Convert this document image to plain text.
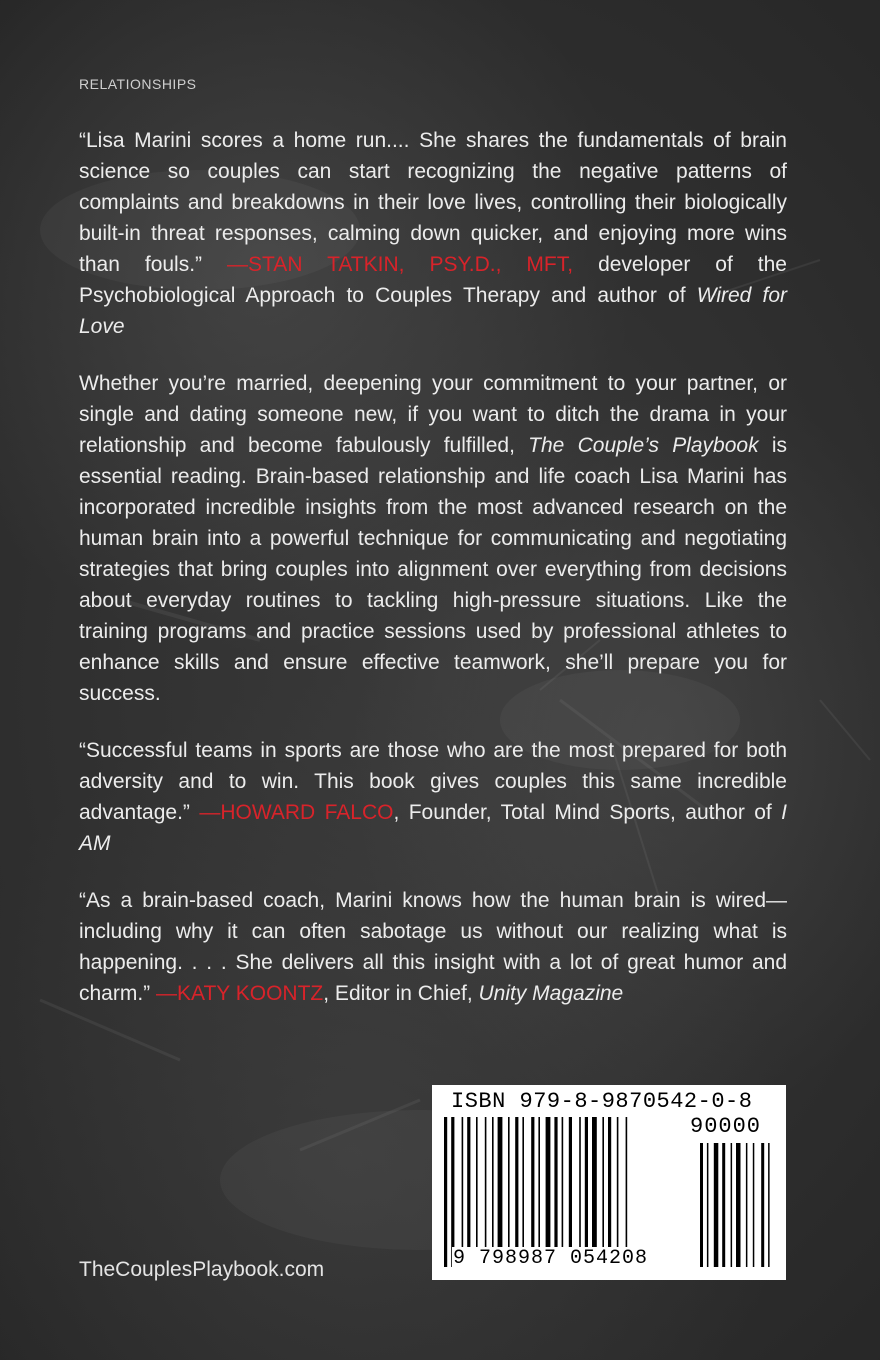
RELATIONSHIPS

“Lisa Marini scores a home run.... She shares the fundamentals of brain science so couples can start recognizing the negative patterns of complaints and breakdowns in their love lives, controlling their biologically built-in threat responses, calming down quicker, and enjoying more wins than fouls.” —STAN TATKIN, PSY.D., MFT, developer of the Psychobiological Approach to Couples Therapy and author of Wired for Love

Whether you’re married, deepening your commitment to your partner, or single and dating someone new, if you want to ditch the drama in your relationship and become fabulously fulfilled, The Couple’s Playbook is essential reading. Brain-based relationship and life coach Lisa Marini has incorporated incredible insights from the most advanced research on the human brain into a powerful technique for communicating and negotiating strategies that bring couples into alignment over everything from decisions about everyday routines to tackling high-pressure situations. Like the training programs and practice sessions used by professional athletes to enhance skills and ensure effective teamwork, she’ll prepare you for success.

“Successful teams in sports are those who are the most prepared for both adversity and to win. This book gives couples this same incredible advantage.” —HOWARD FALCO, Founder, Total Mind Sports, author of I AM

“As a brain-based coach, Marini knows how the human brain is wired—including why it can often sabotage us without our realizing what is happening. . . . She delivers all this insight with a lot of great humor and charm.” —KATY KOONTZ, Editor in Chief, Unity Magazine

TheCouplesPlaybook.com
ISBN 979-8-9870542-0-8
90000
9 798987 054208
